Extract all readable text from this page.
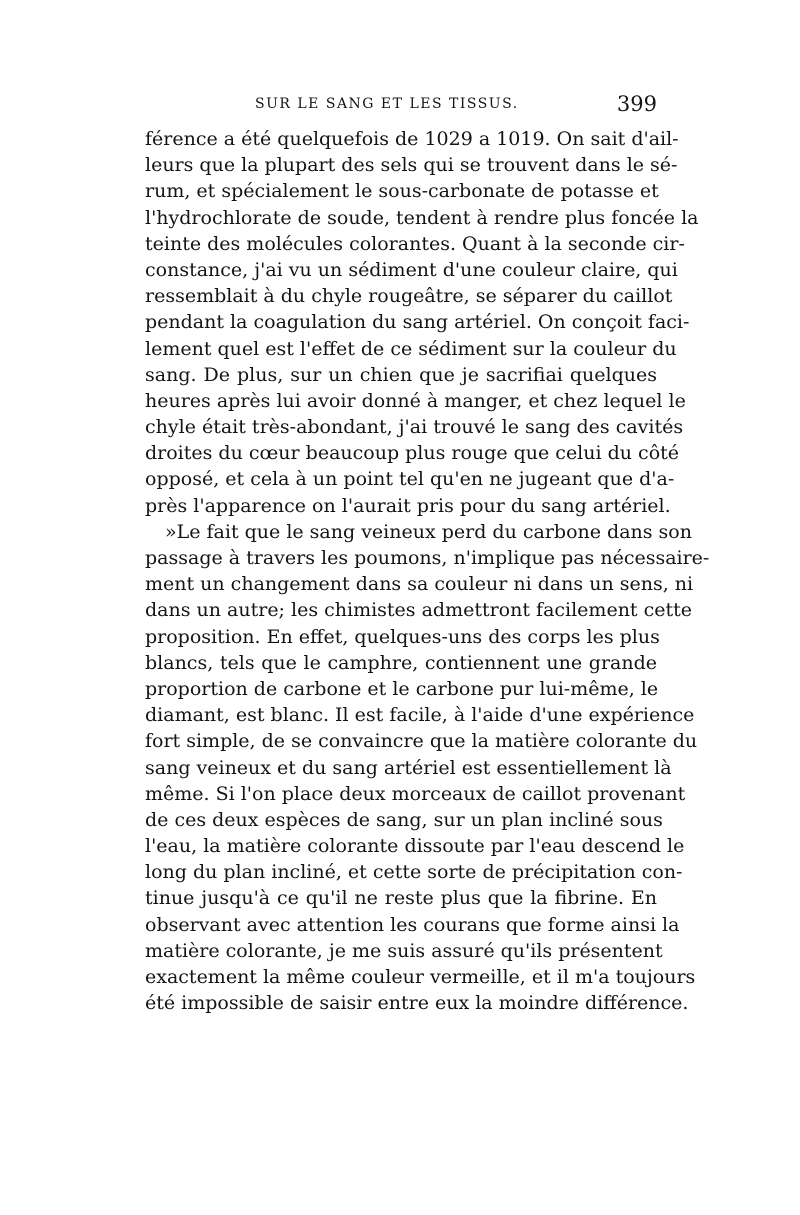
SUR LE SANG ET LES TISSUS.	399
férence a été quelquefois de 1029 a 1019. On sait d'ail-
leurs que la plupart des sels qui se trouvent dans le sé-
rum, et spécialement le sous-carbonate de potasse et
l'hydrochlorate de soude, tendent à rendre plus foncée la
teinte des molécules colorantes. Quant à la seconde cir-
constance, j'ai vu un sédiment d'une couleur claire, qui
ressemblait à du chyle rougeâtre, se séparer du caillot
pendant la coagulation du sang artériel. On conçoit faci-
lement quel est l'effet de ce sédiment sur la couleur du
sang. De plus, sur un chien que je sacrifiai quelques
heures après lui avoir donné à manger, et chez lequel le
chyle était très-abondant, j'ai trouvé le sang des cavités
droites du cœur beaucoup plus rouge que celui du côté
opposé, et cela à un point tel qu'en ne jugeant que d'a-
près l'apparence on l'aurait pris pour du sang artériel.
»Le fait que le sang veineux perd du carbone dans son
passage à travers les poumons, n'implique pas nécessaire-
ment un changement dans sa couleur ni dans un sens, ni
dans un autre; les chimistes admettront facilement cette
proposition. En effet, quelques-uns des corps les plus
blancs, tels que le camphre, contiennent une grande
proportion de carbone et le carbone pur lui-même, le
diamant, est blanc. Il est facile, à l'aide d'une expérience
fort simple, de se convaincre que la matière colorante du
sang veineux et du sang artériel est essentiellement là
même. Si l'on place deux morceaux de caillot provenant
de ces deux espèces de sang, sur un plan incliné sous
l'eau, la matière colorante dissoute par l'eau descend le
long du plan incliné, et cette sorte de précipitation con-
tinue jusqu'à ce qu'il ne reste plus que la fibrine. En
observant avec attention les courans que forme ainsi la
matière colorante, je me suis assuré qu'ils présentent
exactement la même couleur vermeille, et il m'a toujours
été impossible de saisir entre eux la moindre différence.
